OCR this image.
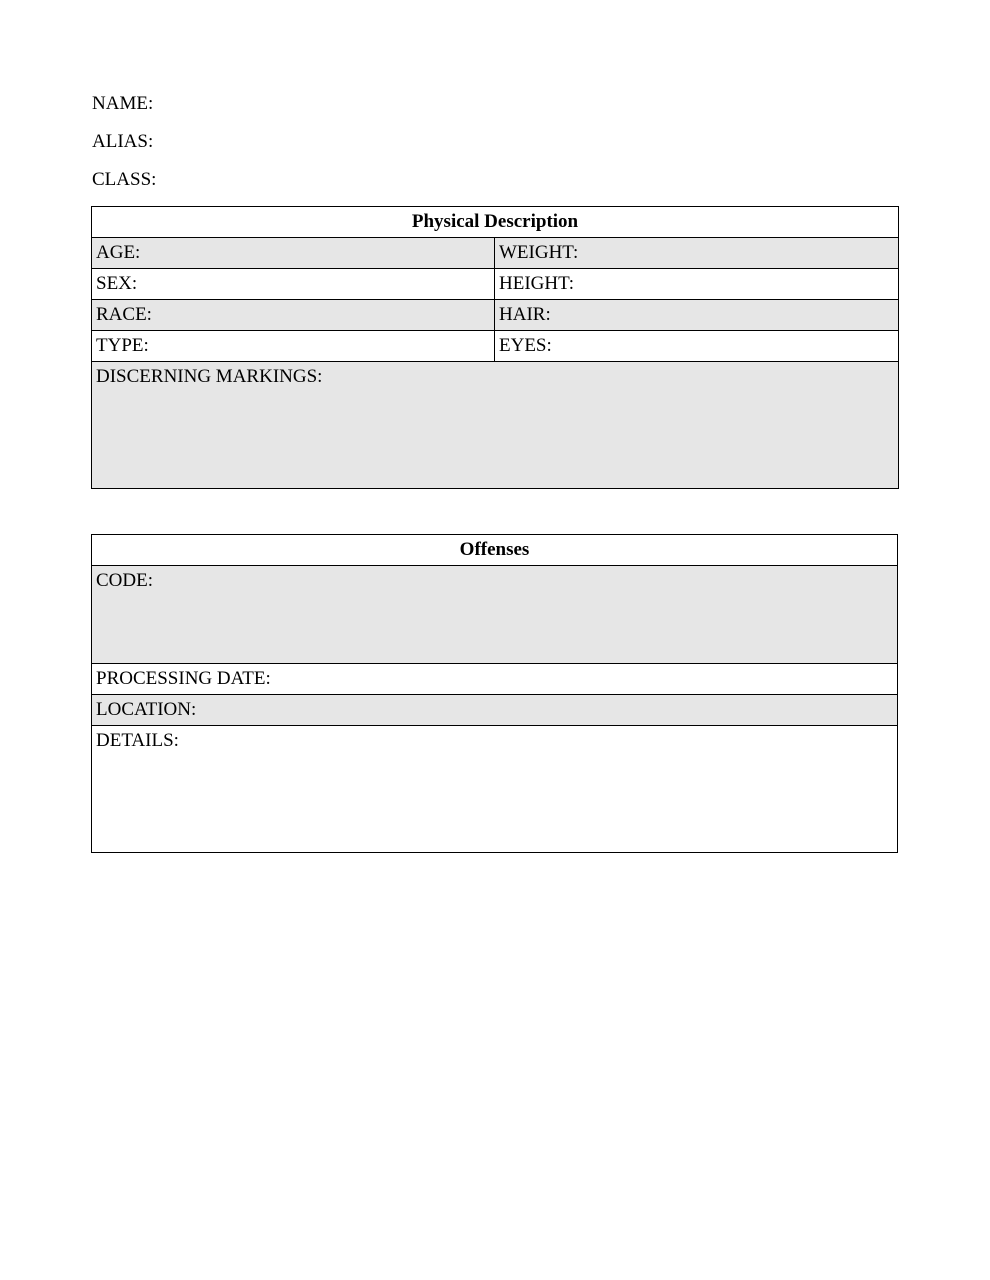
NAME:
ALIAS:
CLASS:
Physical Description	
AGE:	WEIGHT:
SEX:	HEIGHT:
RACE:	HAIR:
TYPE:	EYES:
DISCERNING MARKINGS:	
Offenses
CODE:
PROCESSING DATE:
LOCATION:
DETAILS:
